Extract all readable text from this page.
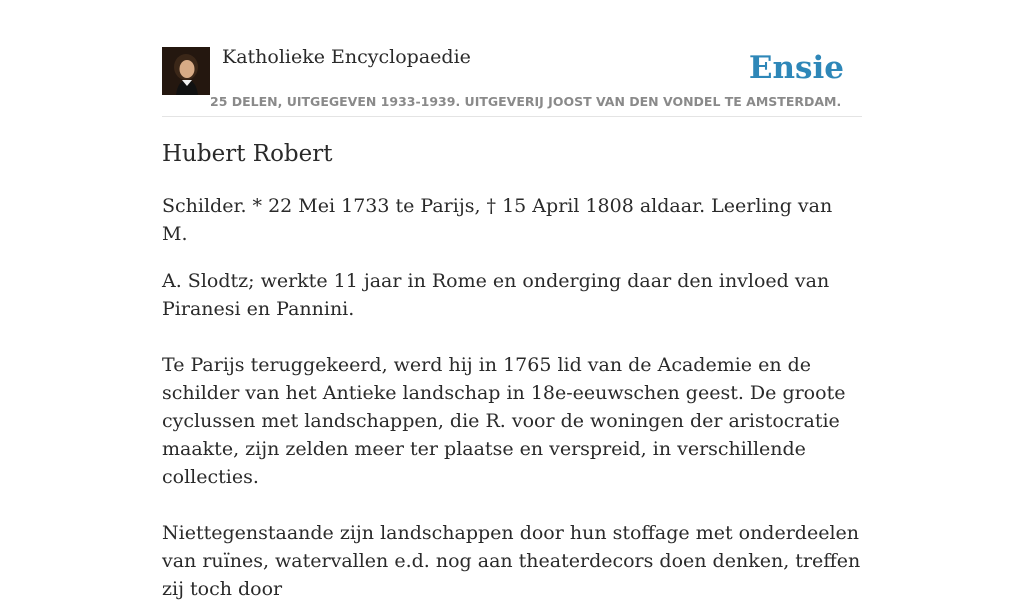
Katholieke Encyclopaedie
25 DELEN, UITGEGEVEN 1933-1939. UITGEVERIJ JOOST VAN DEN VONDEL TE AMSTERDAM.
Ensie
Hubert Robert

Schilder. * 22 Mei 1733 te Parijs, † 15 April 1808 aldaar. Leerling van M.

A. Slodtz; werkte 11 jaar in Rome en onderging daar den invloed van Piranesi en Pannini.

Te Parijs teruggekeerd, werd hij in 1765 lid van de Academie en de schilder van het Antieke landschap in 18e-eeuwschen geest. De groote cyclussen met landschappen, die R. voor de woningen der aristocratie maakte, zijn zelden meer ter plaatse en verspreid, in verschillende collecties.

Niettegenstaande zijn landschappen door hun stoffage met onderdeelen van ruïnes, watervallen e.d. nog aan theaterdecors doen denken, treffen zij toch door
